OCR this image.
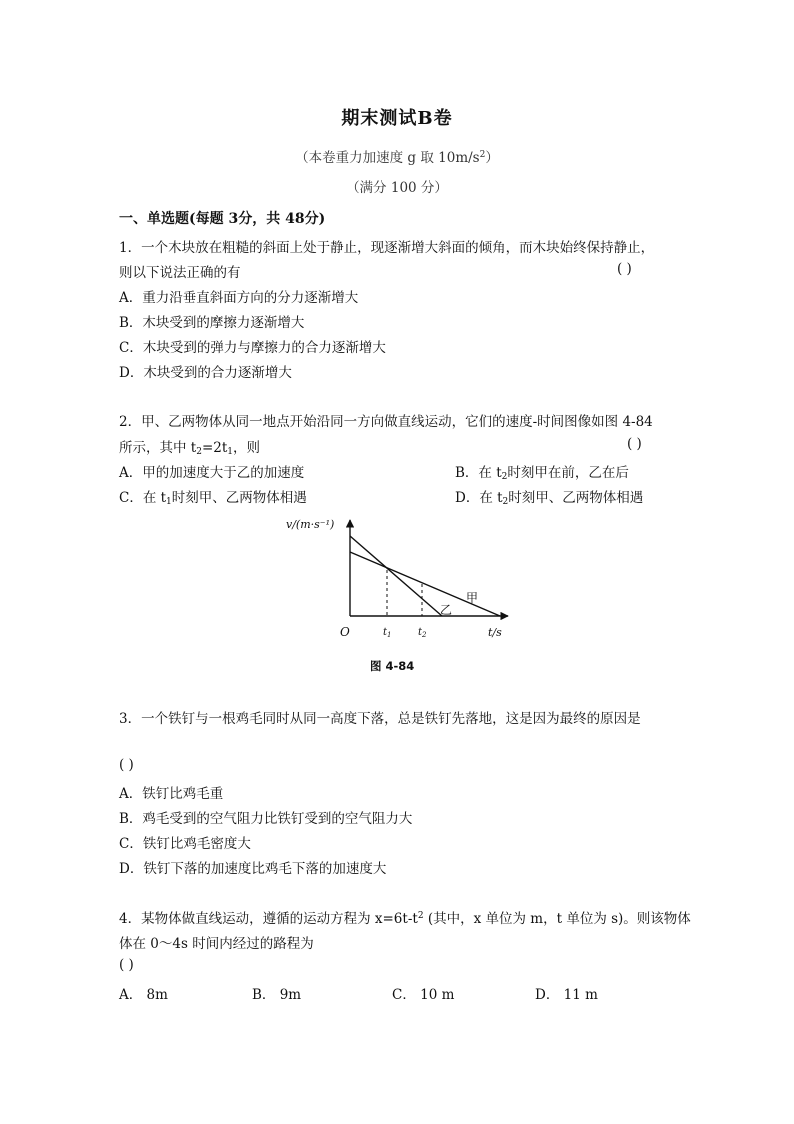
期末测试B卷
（本卷重力加速度 g 取 $10m/s^2$）
（满分 100 分）
一、单选题(每题 3分，共 48分)
1．一个木块放在粗糙的斜面上处于静止，现逐渐增大斜面的倾角，而木块始终保持静止，
则以下说法正确的有	( )
A．重力沿垂直斜面方向的分力逐渐增大
B．木块受到的摩擦力逐渐增大
C．木块受到的弹力与摩擦力的合力逐渐增大
D．木块受到的合力逐渐增大
2．甲、乙两物体从同一地点开始沿同一方向做直线运动，它们的速度-时间图像如图 4-84
所示，其中 $t_2=2t_1$，则	( )
A．甲的加速度大于乙的加速度	B．在 $t_2$时刻甲在前，乙在后
C．在 $t_1$时刻甲、乙两物体相遇	D．在 $t_2$时刻甲、乙两物体相遇
v/(m·s⁻¹)
t/s
O	$t_1$	$t_2$
甲
乙
图 4-84
3．一个铁钉与一根鸡毛同时从同一高度下落，总是铁钉先落地，这是因为最终的原因是
( )
A．铁钉比鸡毛重
B．鸡毛受到的空气阻力比铁钉受到的空气阻力大
C．铁钉比鸡毛密度大
D．铁钉下落的加速度比鸡毛下落的加速度大
4．某物体做直线运动，遵循的运动方程为 $x=6t-t^2$ (其中，x 单位为 m，t 单位为 s)。则该物体
体在 0～4s 时间内经过的路程为
( )
A． 8m	B． 9m	C． 10 m	D． 11 m
